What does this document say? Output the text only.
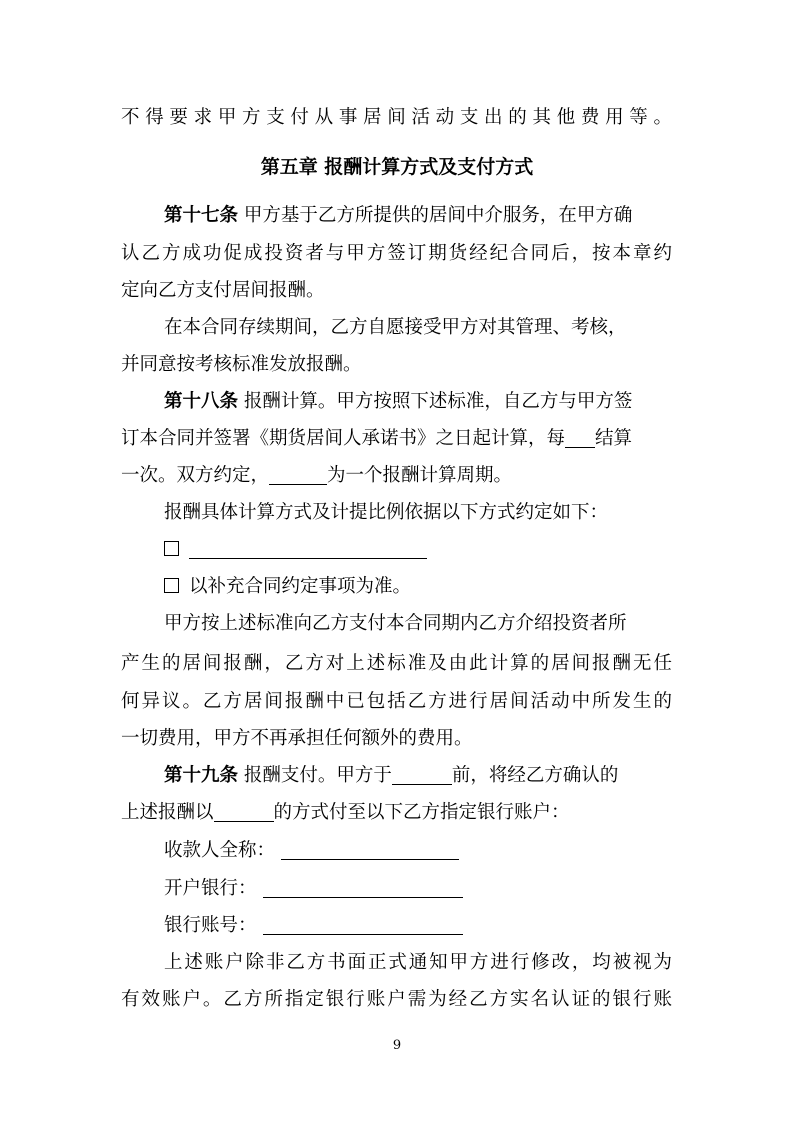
不得要求甲方支付从事居间活动支出的其他费用等。
第五章 报酬计算方式及支付方式
第十七条 甲方基于乙方所提供的居间中介服务，在甲方确
认乙方成功促成投资者与甲方签订期货经纪合同后，按本章约
定向乙方支付居间报酬。
在本合同存续期间，乙方自愿接受甲方对其管理、考核，
并同意按考核标准发放报酬。
第十八条 报酬计算。甲方按照下述标准，自乙方与甲方签
订本合同并签署《期货居间人承诺书》之日起计算，每 结算
一次。双方约定，	为一个报酬计算周期。
报酬具体计算方式及计提比例依据以下方式约定如下：
以补充合同约定事项为准。
甲方按上述标准向乙方支付本合同期内乙方介绍投资者所
产生的居间报酬，乙方对上述标准及由此计算的居间报酬无任
何异议。乙方居间报酬中已包括乙方进行居间活动中所发生的
一切费用，甲方不再承担任何额外的费用。
第十九条 报酬支付。甲方于	前，将经乙方确认的
上述报酬以	的方式付至以下乙方指定银行账户：
收款人全称：
开户银行：
银行账号：
上述账户除非乙方书面正式通知甲方进行修改，均被视为
有效账户。乙方所指定银行账户需为经乙方实名认证的银行账
9
